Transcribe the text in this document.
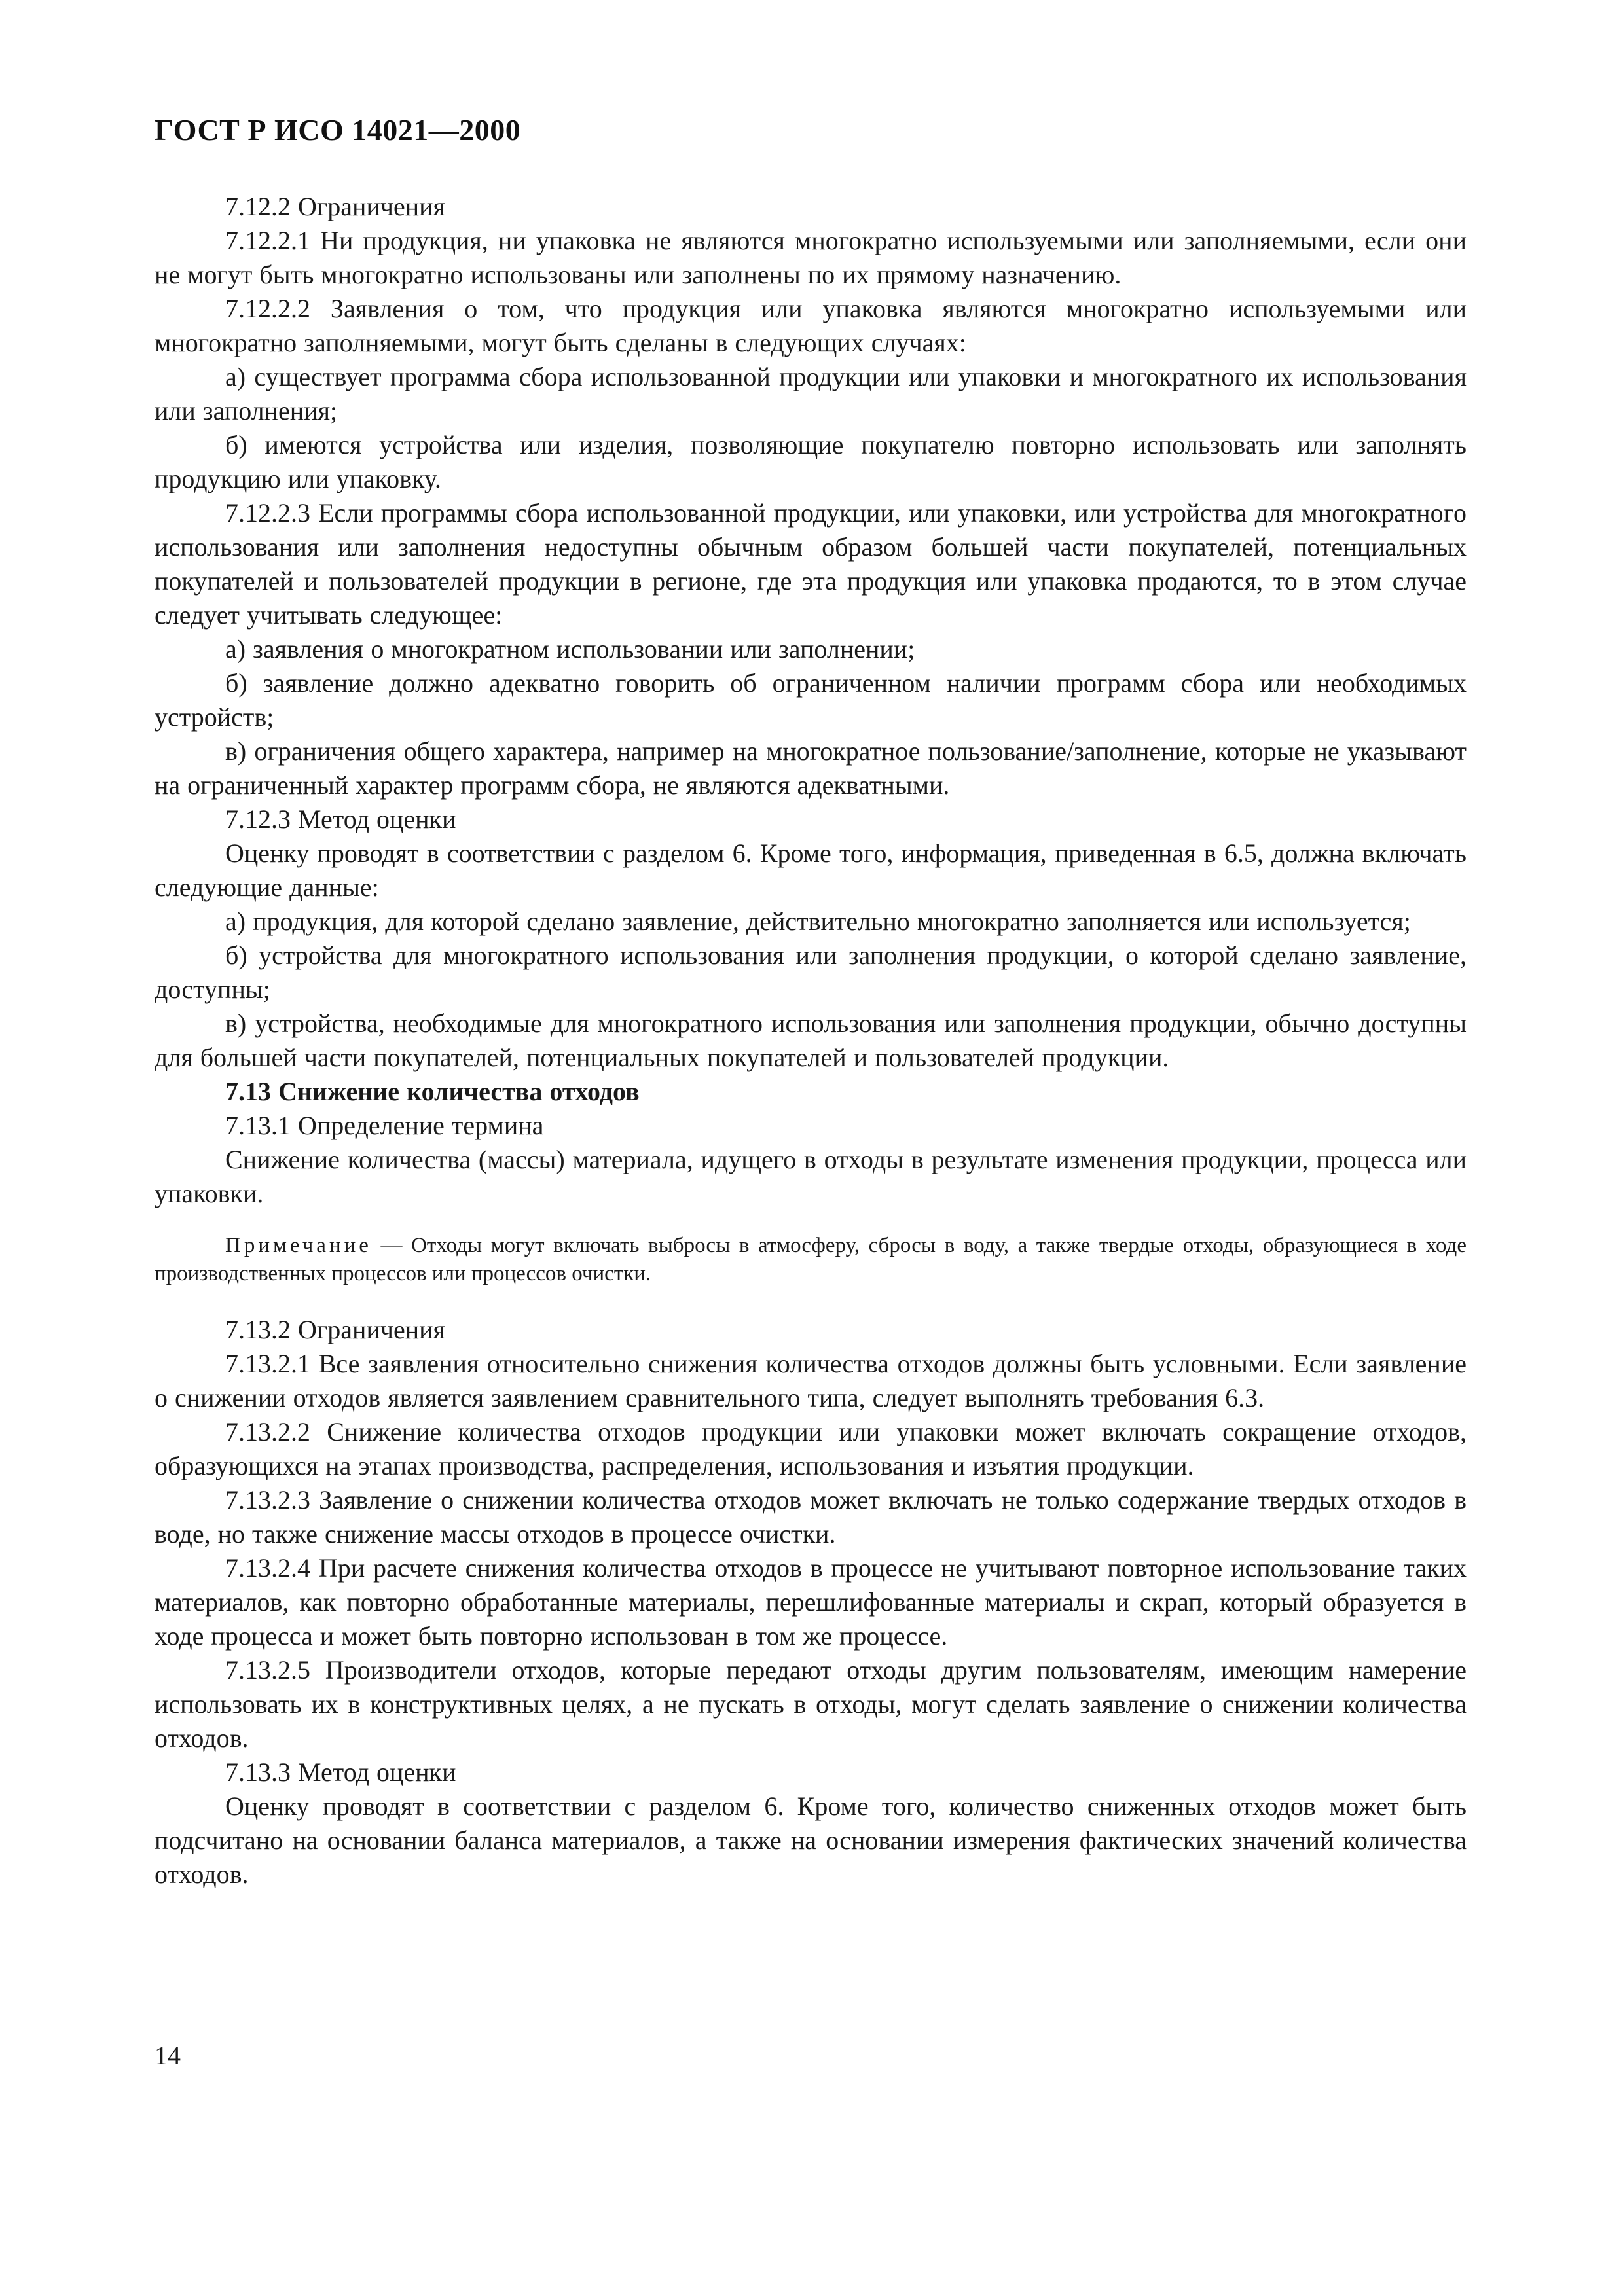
ГОСТ Р ИСО 14021—2000

7.12.2 Ограничения

7.12.2.1 Ни продукция, ни упаковка не являются многократно используемыми или заполняемыми, если они не могут быть многократно использованы или заполнены по их прямому назначению.

7.12.2.2 Заявления о том, что продукция или упаковка являются многократно используемыми или многократно заполняемыми, могут быть сделаны в следующих случаях:

а) существует программа сбора использованной продукции или упаковки и многократного их использования или заполнения;

б) имеются устройства или изделия, позволяющие покупателю повторно использовать или заполнять продукцию или упаковку.

7.12.2.3 Если программы сбора использованной продукции, или упаковки, или устройства для многократного использования или заполнения недоступны обычным образом большей части покупателей, потенциальных покупателей и пользователей продукции в регионе, где эта продукция или упаковка продаются, то в этом случае следует учитывать следующее:

а) заявления о многократном использовании или заполнении;

б) заявление должно адекватно говорить об ограниченном наличии программ сбора или необходимых устройств;

в) ограничения общего характера, например на многократное пользование/заполнение, которые не указывают на ограниченный характер программ сбора, не являются адекватными.

7.12.3 Метод оценки

Оценку проводят в соответствии с разделом 6. Кроме того, информация, приведенная в 6.5, должна включать следующие данные:

а) продукция, для которой сделано заявление, действительно многократно заполняется или используется;

б) устройства для многократного использования или заполнения продукции, о которой сделано заявление, доступны;

в) устройства, необходимые для многократного использования или заполнения продукции, обычно доступны для большей части покупателей, потенциальных покупателей и пользователей продукции.

7.13 Снижение количества отходов

7.13.1 Определение термина

Снижение количества (массы) материала, идущего в отходы в результате изменения продукции, процесса или упаковки.

Примечание — Отходы могут включать выбросы в атмосферу, сбросы в воду, а также твердые отходы, образующиеся в ходе производственных процессов или процессов очистки.

7.13.2 Ограничения

7.13.2.1 Все заявления относительно снижения количества отходов должны быть условными. Если заявление о снижении отходов является заявлением сравнительного типа, следует выполнять требования 6.3.

7.13.2.2 Снижение количества отходов продукции или упаковки может включать сокращение отходов, образующихся на этапах производства, распределения, использования и изъятия продукции.

7.13.2.3 Заявление о снижении количества отходов может включать не только содержание твердых отходов в воде, но также снижение массы отходов в процессе очистки.

7.13.2.4 При расчете снижения количества отходов в процессе не учитывают повторное использование таких материалов, как повторно обработанные материалы, перешлифованные материалы и скрап, который образуется в ходе процесса и может быть повторно использован в том же процессе.

7.13.2.5 Производители отходов, которые передают отходы другим пользователям, имеющим намерение использовать их в конструктивных целях, а не пускать в отходы, могут сделать заявление о снижении количества отходов.

7.13.3 Метод оценки

Оценку проводят в соответствии с разделом 6. Кроме того, количество сниженных отходов может быть подсчитано на основании баланса материалов, а также на основании измерения фактических значений количества отходов.

14
